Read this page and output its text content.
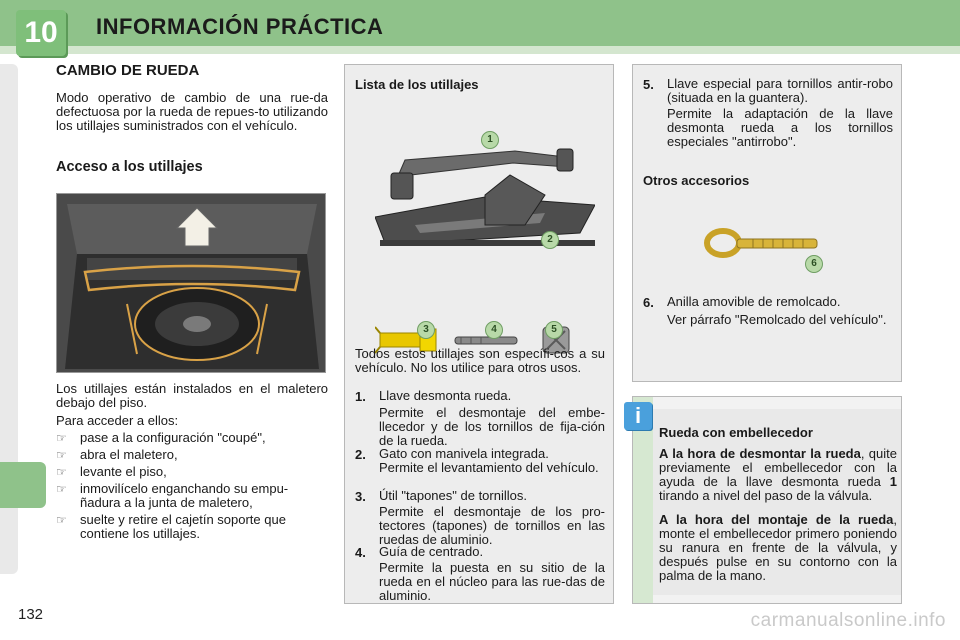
10	INFORMACIÓN PRÁCTICA
CAMBIO DE RUEDA
Modo operativo de cambio de una rue-da defectuosa por la rueda de repues-to utilizando los utillajes suministrados con el vehículo.
Acceso a los utillajes
Los utillajes están instalados en el maletero debajo del piso.
Para acceder a ellos:
☞	pase a la configuración "coupé",
☞	abra el maletero,
☞	levante el piso,
☞	inmovilícelo enganchando su empu-ñadura a la junta de maletero,
☞	suelte y retire el cajetín soporte que contiene los utillajes.
Lista de los utillajes
1
2
3	4	5
Todos estos utillajes son específi-cos a su vehículo. No los utilice para otros usos.
1. Llave desmonta rueda.
Permite el desmontaje del embe-llecedor y de los tornillos de fija-ción de la rueda.
2. Gato con manivela integrada.
Permite el levantamiento del vehículo.
3. Útil "tapones" de tornillos.
Permite el desmontaje de los pro-tectores (tapones) de tornillos en las ruedas de aluminio.
4. Guía de centrado.
Permite la puesta en su sitio de la rueda en el núcleo para las rue-das de aluminio.
5. Llave especial para tornillos antir-robo (situada en la guantera).
Permite la adaptación de la llave desmonta rueda a los tornillos especiales "antirrobo".
Otros accesorios
6
6. Anilla amovible de remolcado.
Ver párrafo "Remolcado del vehículo".
Rueda con embellecedor
A la hora de desmontar la rueda, quite previamente el embellecedor con la ayuda de la llave desmonta rueda 1 tirando a nivel del paso de la válvula.
A la hora del montaje de la rueda, monte el embellecedor primero poniendo su ranura en frente de la válvula, y después pulse en su contorno con la palma de la mano.
i
132	carmanualsonline.info
